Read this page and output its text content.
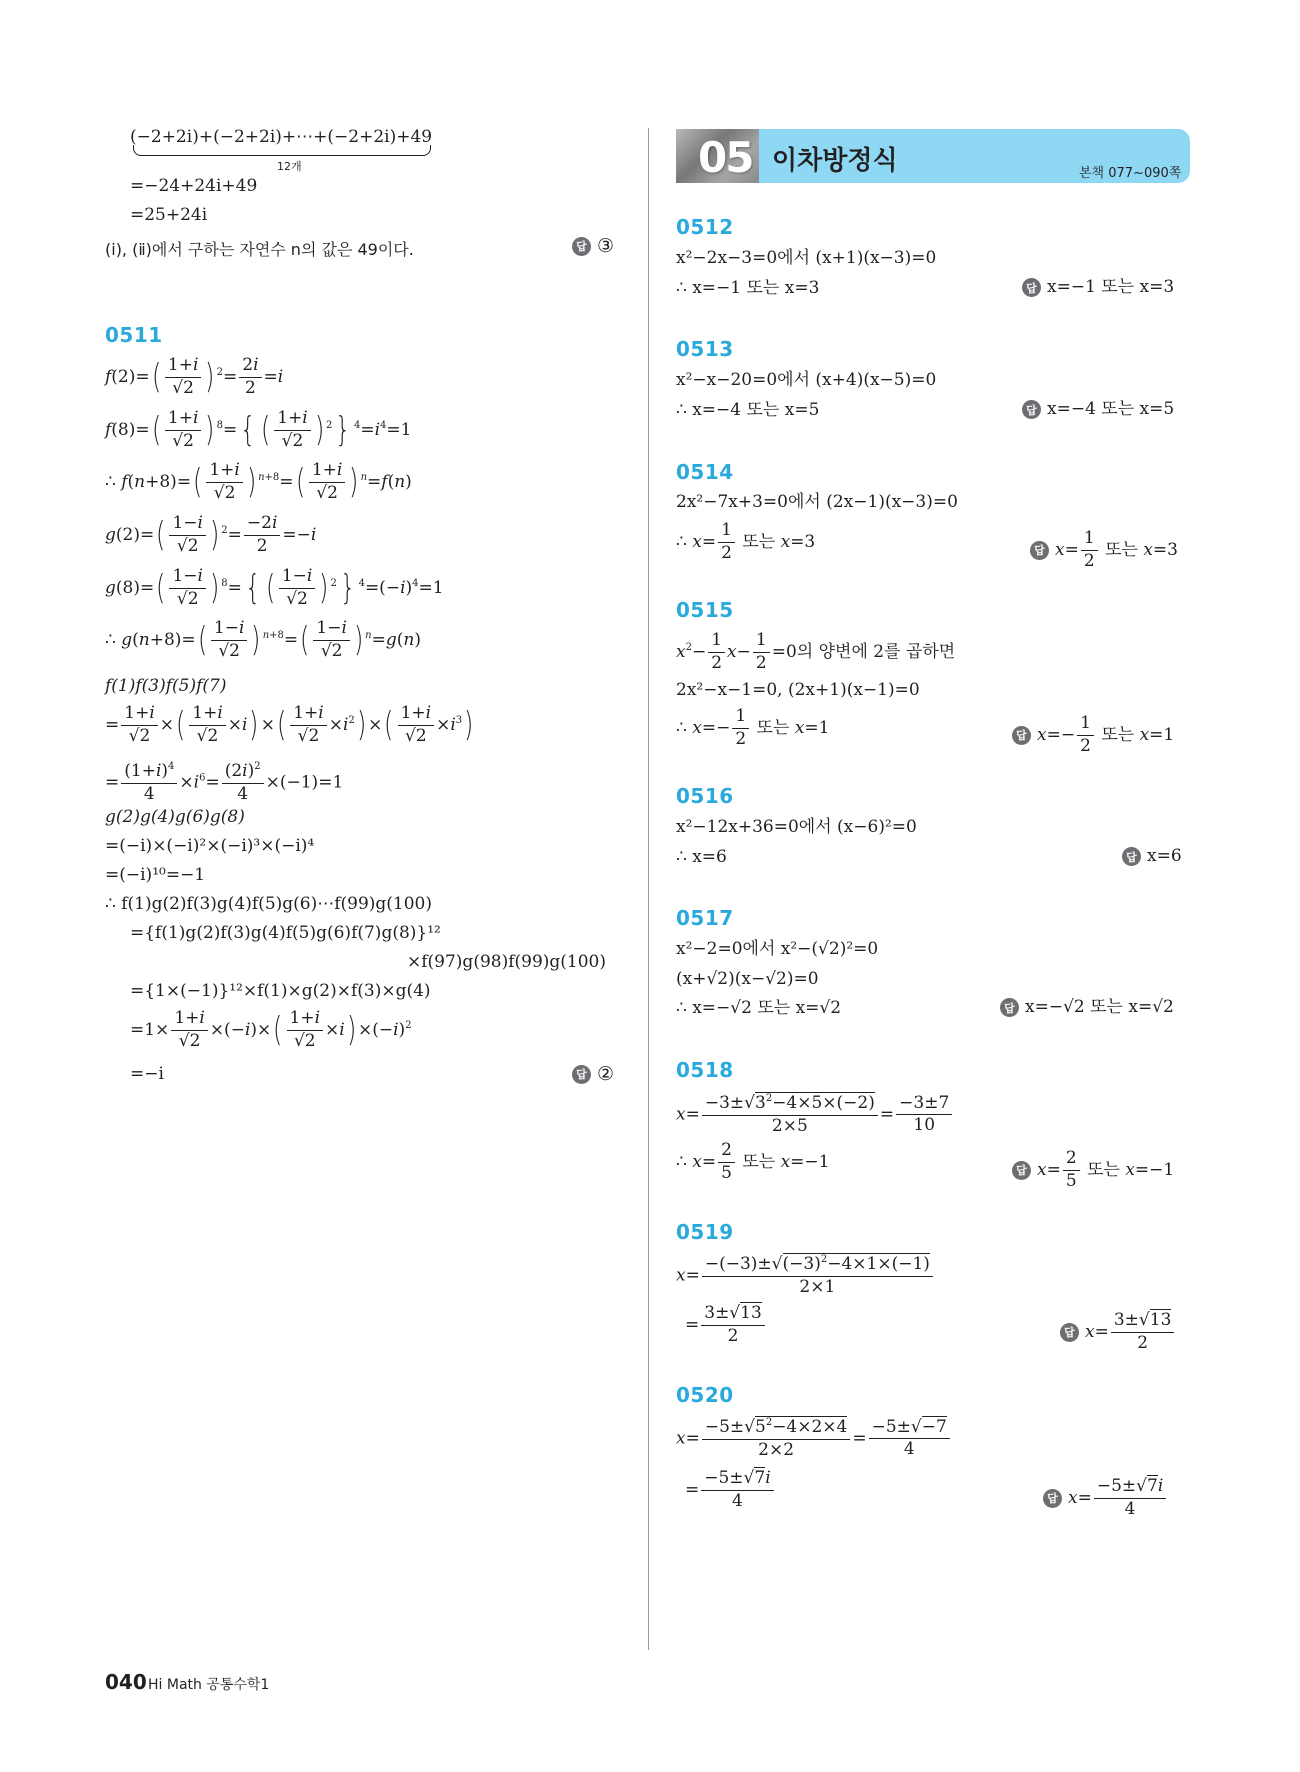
(−2+2i)+(−2+2i)+⋯+(−2+2i)+49
12개
=−24+24i+49
=25+24i
(ⅰ), (ⅱ)에서 구하는 자연수 n의 값은 49이다.	답 ③
0511
$f(2)=( \frac{1+i}{√2}$ ) $^2= \frac{2i}{2} =i$
$f(8)=( \frac{1+i}{√2}$ ) $^8$={ ( $\frac{1+i}{√2}$ ) $^2$} $^4=i^4=1$
∴ $f(n+8)=( \frac{1+i}{√2}$ ) $^{n+8}=( \frac{1+i}{√2}$ ) $^n$=f(n)
$g(2)=( \frac{1-i}{√2}$ ) $^2= \frac{-2i}{2} =-i$
$g(8)=( \frac{1-i}{√2}$ ) $^8$={ ( $\frac{1-i}{√2}$ ) $^2$} $^4=(-i)^4=1$
∴ $g(n+8)=( \frac{1-i}{√2}$ ) $^{n+8}=( \frac{1-i}{√2}$ ) $^n$=g(n)
f(1)f(3)f(5)f(7)
= $\frac{1+i}{√2}$ ×( $\frac{1+i}{√2} \times i$) ×( $\frac{1+i}{√2} \times i^2$) ×( $\frac{1+i}{√2} \times i^3$)
= $\frac{(1+i)^4}{4} \times i^6= \frac{(2i)^2}{4} \times(-1)=1$
g(2)g(4)g(6)g(8)
=(−i)×(−i)²×(−i)³×(−i)⁴
=(−i)¹⁰=−1
∴ f(1)g(2)f(3)g(4)f(5)g(6)⋯f(99)g(100)
={f(1)g(2)f(3)g(4)f(5)g(6)f(7)g(8)}¹²
×f(97)g(98)f(99)g(100)
={1×(−1)}¹²×f(1)×g(2)×f(3)×g(4)
$=1\times \frac{1+i}{√2} \times(-i)\times( \frac{1+i}{√2} \times i) \times(-i)^2$
=−i	답 ②
05 이차방정식	본책 077~090쪽
0512
x²−2x−3=0에서 (x+1)(x−3)=0
∴ x=−1 또는 x=3	답 x=−1 또는 x=3
0513
x²−x−20=0에서 (x+4)(x−5)=0
∴ x=−4 또는 x=5	답 x=−4 또는 x=5
0514
2x²−7x+3=0에서 (2x−1)(x−3)=0
∴ $x= \frac{1}{2}$ 또는 x=3	답 $x= \frac{1}{2}$ 또는 x=3
0515
$x^2- \frac{1}{2} x- \frac{1}{2} =0$의 양변에 2를 곱하면
2x²−x−1=0, (2x+1)(x−1)=0
∴ $x=- \frac{1}{2}$ 또는 x=1	답 $x=- \frac{1}{2}$ 또는 x=1
0516
x²−12x+36=0에서 (x−6)²=0
∴ x=6	답 x=6
0517
x²−2=0에서 x²−(√2)²=0
(x+√2)(x−√2)=0
∴ x=−√2 또는 x=√2	답 x=−√2 또는 x=√2
0518
$x= \frac{-3\pm√3^2-4\times 5\times(-2)}{2\times 5} = \frac{-3\pm 7}{10}$
∴ $x= \frac{2}{5}$ 또는 x=−1	답 $x= \frac{2}{5}$ 또는 x=−1
0519
$x= \frac{-(-3)\pm√(-3)^2-4\times 1\times(-1)}{2\times 1}$
= $\frac{3\pm√13}{2}$	답 $x= \frac{3\pm√13}{2}$
0520
$x= \frac{-5\pm√5^2-4\times 2\times 4}{2\times 2} = \frac{-5\pm√-7}{4}$
= $\frac{-5\pm√7i}{4}$	답 $x= \frac{-5\pm√7i}{4}$
040 Hi Math 공통수학1
